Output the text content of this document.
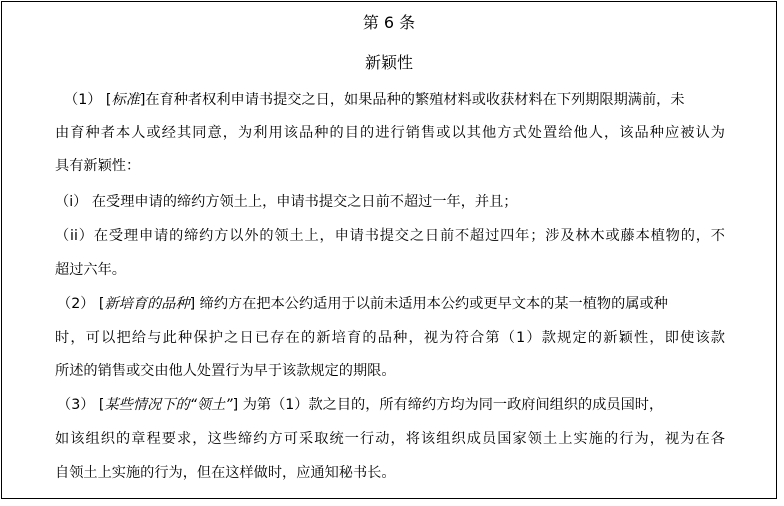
第 6 条
新颖性
（1） [标准]在育种者权利申请书提交之日，如果品种的繁殖材料或收获材料在下列期限期满前，未
由育种者本人或经其同意，为利用该品种的目的进行销售或以其他方式处置给他人，该品种应被认为
具有新颖性：
（i） 在受理申请的缔约方领土上，申请书提交之日前不超过一年，并且；
（ii）在受理申请的缔约方以外的领土上，申请书提交之日前不超过四年；涉及林木或藤本植物的，不
超过六年。
（2） [新培育的品种] 缔约方在把本公约适用于以前未适用本公约或更早文本的某一植物的属或种
时，可以把给与此种保护之日已存在的新培育的品种，视为符合第（1）款规定的新颖性，即使该款
所述的销售或交由他人处置行为早于该款规定的期限。
（3） [某些情况下的“领土”] 为第（1）款之目的，所有缔约方均为同一政府间组织的成员国时，
如该组织的章程要求，这些缔约方可采取统一行动，将该组织成员国家领土上实施的行为，视为在各
自领土上实施的行为，但在这样做时，应通知秘书长。
